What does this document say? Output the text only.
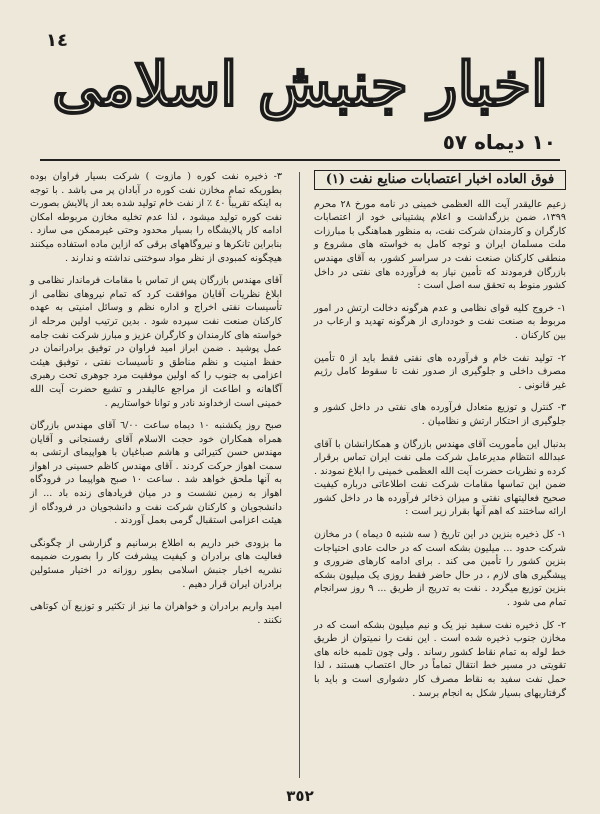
١٤
اخبار جنبش اسلامی
١٠ دیماه ٥٧
فوق العاده اخبار اعتصابات صنایع نفت (١)

زعیم عالیقدر آیت الله العظمی خمینی در نامه مورخ ٢٨ محرم ١٣٩٩، ضمن بزرگداشت و اعلام پشتیبانی خود از اعتصابات کارگران و کارمندان شرکت نفت، به منظور هماهنگی با مبارزات ملت مسلمان ایران و توجه کامل به خواسته های مشروع و منطقی کارکنان صنعت نفت در سراسر کشور، به آقای مهندس بازرگان فرمودند که تأمین نیاز به فرآورده های نفتی در داخل کشور منوط به تحقق سه اصل است :

١- خروج کلیه قوای نظامی و عدم هرگونه دخالت ارتش در امور مربوط به صنعت نفت و خودداری از هرگونه تهدید و ارعاب در بین کارکنان .
٢- تولید نفت خام و فرآورده های نفتی فقط باید از ٥ تأمین مصرف داخلی و جلوگیری از صدور نفت تا سقوط کامل رژیم غیر قانونی .
٣- کنترل و توزیع متعادل فرآورده های نفتی در داخل کشور و جلوگیری از احتکار ارتش و نظامیان .

بدنبال این مأموریت آقای مهندس بازرگان و همکارانشان با آقای عبدالله انتظام مدیرعامل شرکت ملی نفت ایران تماس برقرار کرده و نظریات حضرت آیت الله العظمی خمینی را ابلاغ نمودند . ضمن این تماسها مقامات شرکت نفت اطلاعاتی درباره کیفیت صحیح فعالیتهای نفتی و میزان ذخائر فرآورده ها در داخل کشور ارائه ساختند که اهم آنها بقرار زیر است :

١- کل ذخیره بنزین در این تاریخ ( سه شنبه ٥ دیماه ) در مخازن شرکت حدود ... میلیون بشکه است که در حالت عادی احتیاجات بنزین کشور را تأمین می کند . برای ادامه کارهای ضروری و پیشگیری های لازم ، در حال حاضر فقط روزی یک میلیون بشکه بنزین توزیع میگردد . نفت به تدریج از طریق ... ٩ روز سرانجام تمام می شود .

٢- کل ذخیره نفت سفید نیز یک و نیم میلیون بشکه است که در مخازن جنوب ذخیره شده است . این نفت را نمیتوان از طریق خط لوله به تمام نقاط کشور رساند . ولی چون تلمبه خانه های تقویتی در مسیر خط انتقال تماماً در حال اعتصاب هستند ، لذا حمل نفت سفید به نقاط مصرف کار دشواری است و باید با گرفتاریهای بسیار شکل به انجام برسد .

٣- ذخیره نفت کوره ( مازوت ) شرکت بسیار فراوان بوده بطوریکه تمام مخازن نفت کوره در آبادان پر می باشد . با توجه به اینکه تقریباً ٤٠ ٪ از نفت خام تولید شده بعد از پالایش بصورت نفت کوره تولید میشود ، لذا عدم تخلیه مخازن مربوطه امکان ادامه کار پالایشگاه را بسیار محدود وحتی غیرممکن می سازد . بنابراین تانکرها و نیروگاههای برقی که ازاین ماده استفاده میکنند هیچگونه کمبودی از نظر مواد سوختنی نداشته و ندارند .

آقای مهندس بازرگان پس از تماس با مقامات فرماندار نظامی و ابلاغ نظریات آقایان موافقت کرد که تمام نیروهای نظامی از تأسیسات نفتی اخراج و اداره نظم و وسائل امنیتی به عهده کارکنان صنعت نفت سپرده شود . بدین ترتیب اولین مرحله از خواسته های کارمندان و کارگران عزیز و مبارز شرکت نفت جامه عمل پوشید . ضمن ابراز امید فراوان در توفیق برادرانمان در حفظ امنیت و نظم مناطق و تأسیسات نفتی ، توفیق هیئت اعزامی به جنوب را که اولین موفقیت مرد جوهری تحت رهبری آگاهانه و اطاعت از مراجع عالیقدر و تشیع حضرت آیت الله خمینی است ازخداوند نادر و توانا خواستاریم .

صبح روز یکشنبه ١٠ دیماه ساعت ٦/٠٠ آقای مهندس بازرگان همراه همکاران خود حجت الاسلام آقای رفسنجانی و آقایان مهندس حسن کتیرائی و هاشم صباغیان با هواپیمای ارتشی به سمت اهواز حرکت کردند . آقای مهندس کاظم حسینی در اهواز به آنها ملحق خواهد شد . ساعت ١٠ صبح هواپیما در فرودگاه اهواز به زمین نشست و در میان فریادهای زنده باد ... از دانشجویان و کارکنان شرکت نفت و دانشجویان در فرودگاه از هیئت اعزامی استقبال گرمی بعمل آوردند .

ما بزودی خبر داریم به اطلاع برسانیم و گزارشی از چگونگی فعالیت های برادران و کیفیت پیشرفت کار را بصورت ضمیمه نشریه اخبار جنبش اسلامی بطور روزانه در اختیار مسئولین برادران ایران قرار دهیم .

امید واریم برادران و خواهران ما نیز از تکثیر و توزیع آن کوتاهی نکنند .

٣٥٢
